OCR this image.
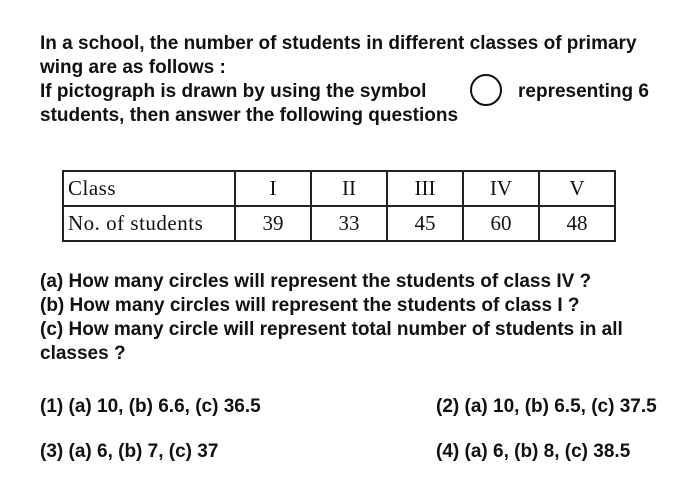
In a school, the number of students in different classes of primary
wing are as follows :
If pictograph is drawn by using the symbol	representing 6
students, then answer the following questions
Class	I	II	III	IV	V
No. of students	39	33	45	60	48
(a) How many circles will represent the students of class IV ?
(b) How many circles will represent the students of class I ?
(c) How many circle will represent total number of students in all
classes ?
(1) (a) 10, (b) 6.6, (c) 36.5	(2) (a) 10, (b) 6.5, (c) 37.5
(3) (a) 6, (b) 7, (c) 37	(4) (a) 6, (b) 8, (c) 38.5
